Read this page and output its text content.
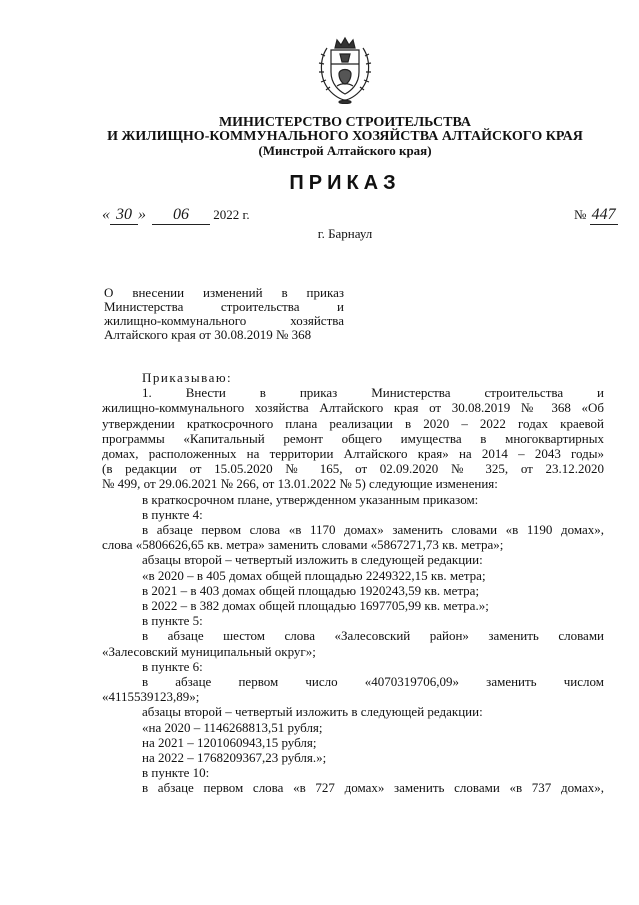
МИНИСТЕРСТВО СТРОИТЕЛЬСТВА
И ЖИЛИЩНО-КОММУНАЛЬНОГО ХОЗЯЙСТВА АЛТАЙСКОГО КРАЯ
(Минстрой Алтайского края)
ПРИКАЗ
« 30 » 06 2022 г.	№ 447
г. Барнаул
О внесении изменений в приказ
Министерства строительства и
жилищно-коммунального хозяйства
Алтайского края от 30.08.2019 № 368
Приказываю:
1. Внести в приказ Министерства строительства и
жилищно-коммунального хозяйства Алтайского края от 30.08.2019 № 368 «Об
утверждении краткосрочного плана реализации в 2020 – 2022 годах краевой
программы «Капитальный ремонт общего имущества в многоквартирных
домах, расположенных на территории Алтайского края» на 2014 – 2043 годы»
(в редакции от 15.05.2020 № 165, от 02.09.2020 № 325, от 23.12.2020
№ 499, от 29.06.2021 № 266, от 13.01.2022 № 5) следующие изменения:
в краткосрочном плане, утвержденном указанным приказом:
в пункте 4:
в абзаце первом слова «в 1170 домах» заменить словами «в 1190 домах»,
слова «5806626,65 кв. метра» заменить словами «5867271,73 кв. метра»;
абзацы второй – четвертый изложить в следующей редакции:
«в 2020 – в 405 домах общей площадью 2249322,15 кв. метра;
в 2021 – в 403 домах общей площадью 1920243,59 кв. метра;
в 2022 – в 382 домах общей площадью 1697705,99 кв. метра.»;
в пункте 5:
в абзаце шестом слова «Залесовский район» заменить словами
«Залесовский муниципальный округ»;
в пункте 6:
в абзаце первом число «4070319706,09» заменить числом
«4115539123,89»;
абзацы второй – четвертый изложить в следующей редакции:
«на 2020 – 1146268813,51 рубля;
на 2021 – 1201060943,15 рубля;
на 2022 – 1768209367,23 рубля.»;
в пункте 10:
в абзаце первом слова «в 727 домах» заменить словами «в 737 домах»,
